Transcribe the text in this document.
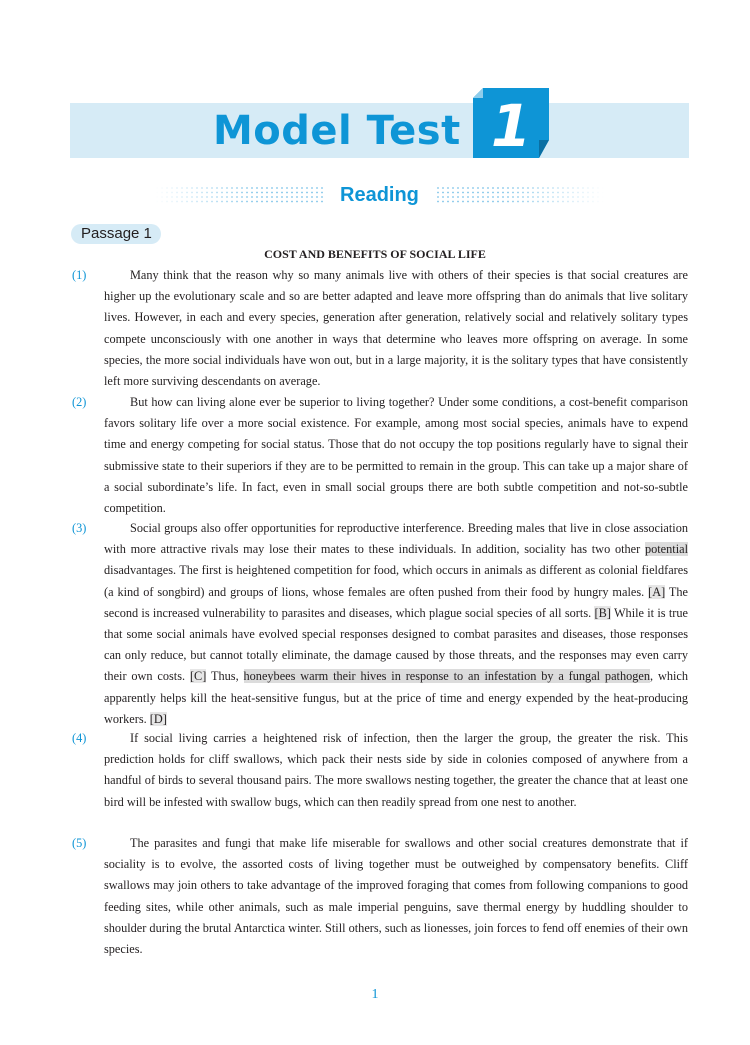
Model Test 1
Reading
Passage 1
COST AND BENEFITS OF SOCIAL LIFE
(1)	Many think that the reason why so many animals live with others of their species is that social creatures are higher up the evolutionary scale and so are better adapted and leave more offspring than do animals that live solitary lives. However, in each and every species, generation after generation, relatively social and relatively solitary types compete unconsciously with one another in ways that determine who leaves more offspring on average. In some species, the more social individuals have won out, but in a large majority, it is the solitary types that have consistently left more surviving descendants on average.
(2)	But how can living alone ever be superior to living together? Under some conditions, a cost-benefit comparison favors solitary life over a more social existence. For example, among most social species, animals have to expend time and energy competing for social status. Those that do not occupy the top positions regularly have to signal their submissive state to their superiors if they are to be permitted to remain in the group. This can take up a major share of a social subordinate’s life. In fact, even in small social groups there are both subtle competition and not-so-subtle competition.
(3)	Social groups also offer opportunities for reproductive interference. Breeding males that live in close association with more attractive rivals may lose their mates to these individuals. In addition, sociality has two other potential disadvantages. The first is heightened competition for food, which occurs in animals as different as colonial fieldfares (a kind of songbird) and groups of lions, whose females are often pushed from their food by hungry males. [A] The second is increased vulnerability to parasites and diseases, which plague social species of all sorts. [B] While it is true that some social animals have evolved special responses designed to combat parasites and diseases, those responses can only reduce, but cannot totally eliminate, the damage caused by those threats, and the responses may even carry their own costs. [C] Thus, honeybees warm their hives in response to an infestation by a fungal pathogen, which apparently helps kill the heat-sensitive fungus, but at the price of time and energy expended by the heat-producing workers. [D]
(4)	If social living carries a heightened risk of infection, then the larger the group, the greater the risk. This prediction holds for cliff swallows, which pack their nests side by side in colonies composed of anywhere from a handful of birds to several thousand pairs. The more swallows nesting together, the greater the chance that at least one bird will be infested with swallow bugs, which can then readily spread from one nest to another.
(5)	The parasites and fungi that make life miserable for swallows and other social creatures demonstrate that if sociality is to evolve, the assorted costs of living together must be outweighed by compensatory benefits. Cliff swallows may join others to take advantage of the improved foraging that comes from following companions to good feeding sites, while other animals, such as male imperial penguins, save thermal energy by huddling shoulder to shoulder during the brutal Antarctica winter. Still others, such as lionesses, join forces to fend off enemies of their own species.
1
